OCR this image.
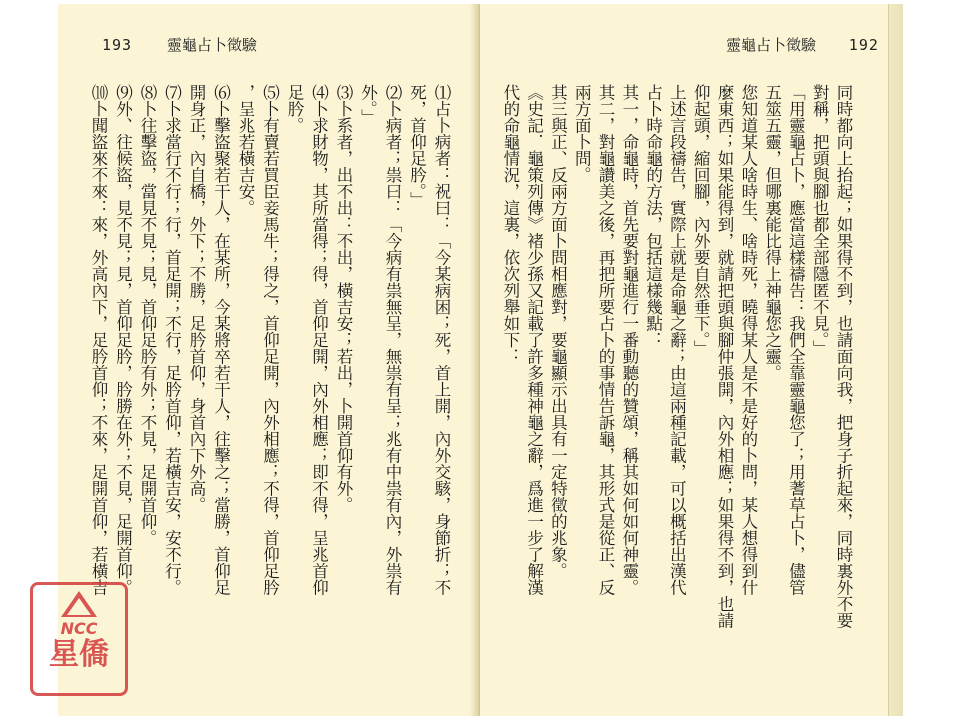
193 靈龜占卜徵驗
⑴占卜病者：祝曰：「今某病困；死，首上開，內外交駭，身節折；不
死，首仰足肣。」
⑵卜病者；祟曰：「今病有祟無呈，無祟有呈；兆有中祟有內，外祟有
外。」
⑶卜系者，出不出：不出，橫吉安；若出，卜開首仰有外。
⑷卜求財物，其所當得；得，首仰足開，內外相應；即不得，呈兆首仰
足肣。
⑸卜有賣若買臣妾馬牛；得之，首仰足開，內外相應；不得，首仰足肣
，呈兆若橫吉安。
⑹卜擊盜聚若干人，在某所，今某將卒若干人，往擊之；當勝，首仰足
開身正，內自橋，外下；不勝，足肣首仰，身首內下外高。
⑺卜求當行不行；行，首足開；不行，足肣首仰，若橫吉安，安不行。
⑻卜往擊盜，當見不見；見，首仰足肣有外；不見，足開首仰。
⑼外、往候盜，見不見；見，首仰足肣，肣勝在外；不見，足開首仰。
⑽卜聞盜來不來：來，外高內下，足肣首仰；不來，足開首仰，若橫吉
靈龜占卜徵驗 192
同時都向上抬起；如果得不到，也請面向我，把身子折起來，同時裏外不要
對稱，把頭與腳也都全部隱匿不見。」
「用靈龜占卜，應當這樣禱告：我們全靠靈龜您了；用蓍草占卜，儘管
五筮五靈，但哪裏能比得上神龜您之靈。
您知道某人啥時生、啥時死，曉得某人是不是好的卜問，某人想得到什
麼東西；如果能得到，就請把頭與腳仲張開，內外相應；如果得不到，也請
仰起頭，縮回腳，內外要自然垂下。」
上述言段禱告，實際上就是命龜之辭；由這兩種記載，可以概括出漢代
占卜時命龜的方法，包括這樣幾點：
其一，命龜時，首先要對龜進行一番動聽的贊頌，稱其如何如何神靈。
其二，對龜讚美之後，再把所要占卜的事情告訴龜，其形式是從正、反
兩方面卜問。
其三與正、反兩方面卜問相應對，要龜顯示出具有一定特徵的兆象。
《史記．龜策列傳》褚少孫又記載了許多種神龜之辭，爲進一步了解漢
代的命龜情況，這裏，依次列舉如下：
NCC
星僑
